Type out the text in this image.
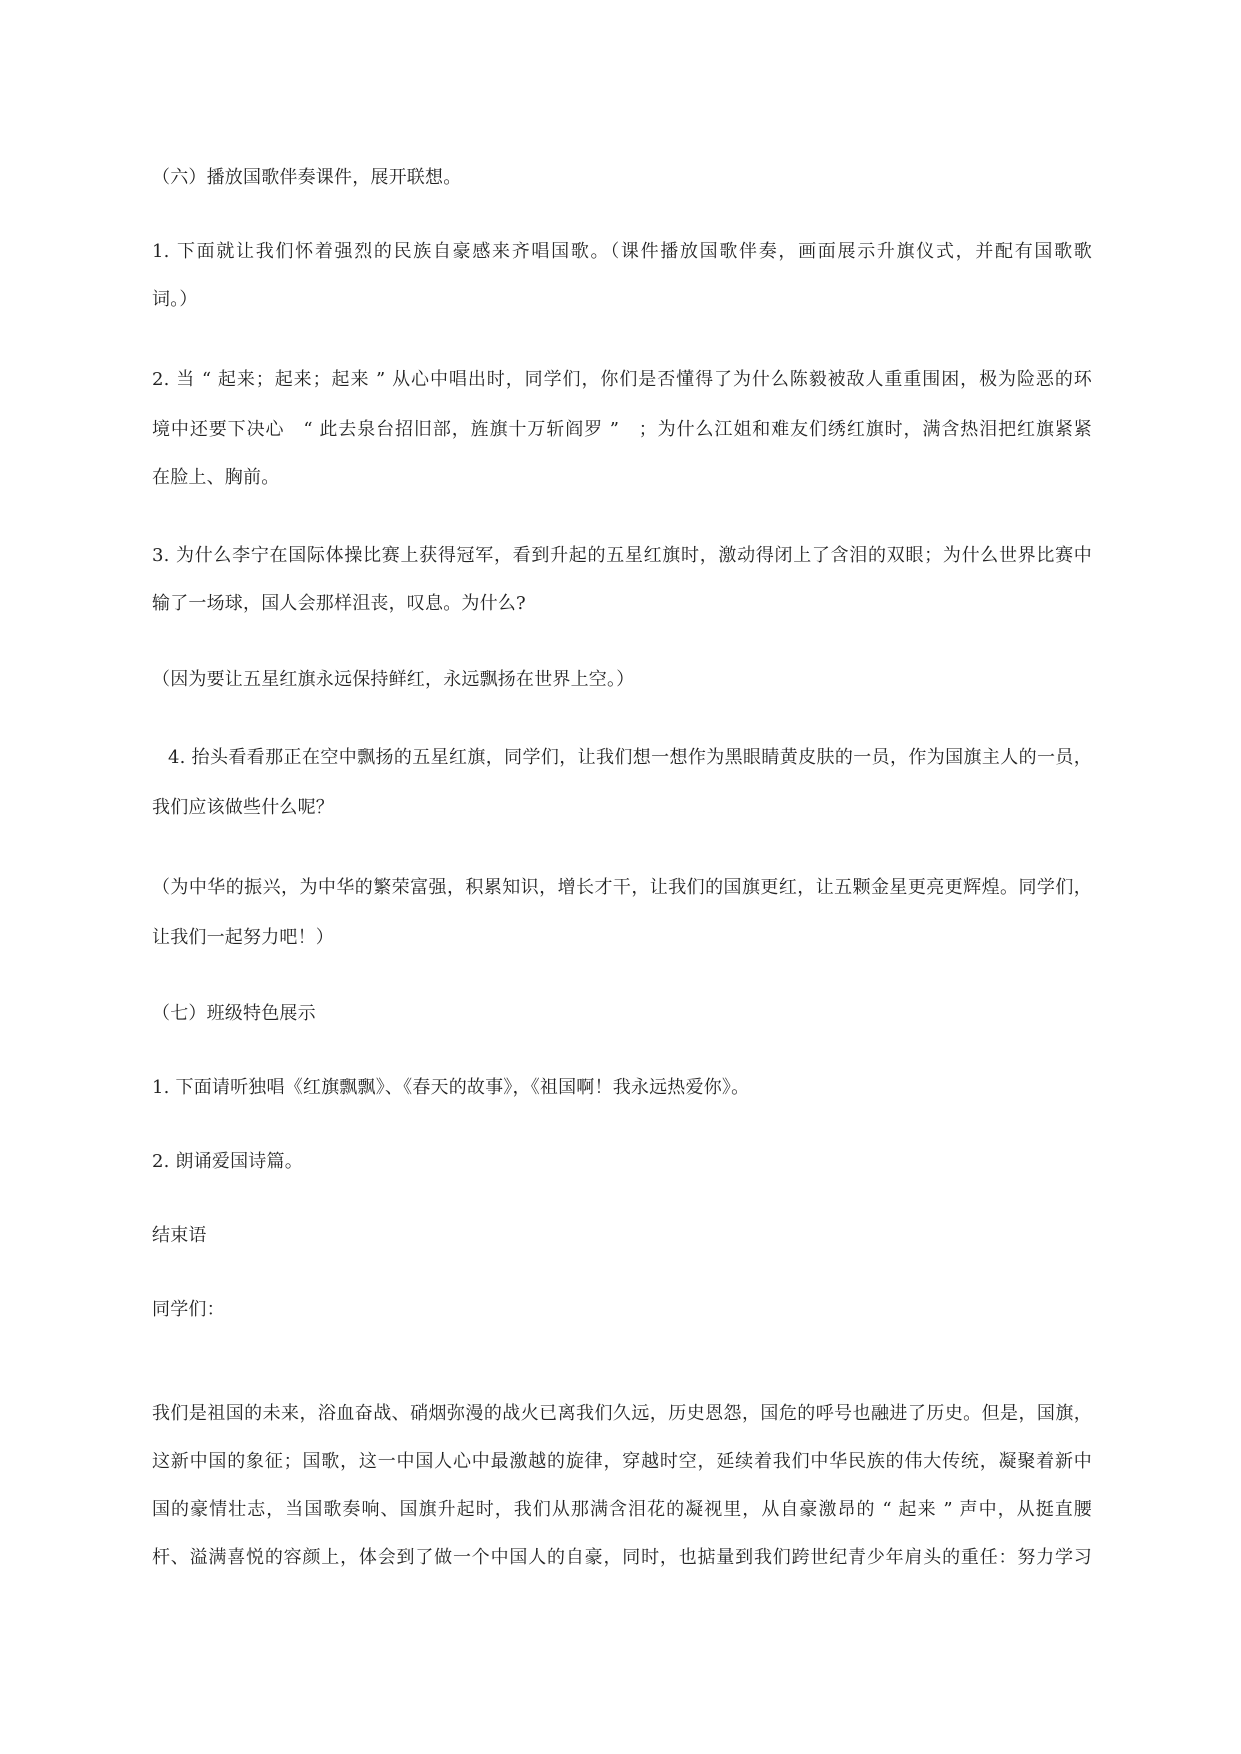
（六）播放国歌伴奏课件，展开联想。
1. 下面就让我们怀着强烈的民族自豪感来齐唱国歌。（课件播放国歌伴奏，画面展示升旗仪式，并配有国歌歌
词。）
2. 当 “ 起来；起来；起来 ” 从心中唱出时，同学们，你们是否懂得了为什么陈毅被敌人重重围困，极为险恶的环
境中还要下决心　“ 此去泉台招旧部，旌旗十万斩阎罗 ”　；为什么江姐和难友们绣红旗时，满含热泪把红旗紧紧
在脸上、胸前。
3. 为什么李宁在国际体操比赛上获得冠军，看到升起的五星红旗时，激动得闭上了含泪的双眼；为什么世界比赛中
输了一场球，国人会那样沮丧，叹息。为什么?
（因为要让五星红旗永远保持鲜红，永远飘扬在世界上空。）
4. 抬头看看那正在空中飘扬的五星红旗，同学们，让我们想一想作为黑眼睛黄皮肤的一员，作为国旗主人的一员，
我们应该做些什么呢？
（为中华的振兴，为中华的繁荣富强，积累知识，增长才干，让我们的国旗更红，让五颗金星更亮更辉煌。同学们，
让我们一起努力吧！）
（七）班级特色展示
1. 下面请听独唱《红旗飘飘》、《春天的故事》，《祖国啊！我永远热爱你》。
2. 朗诵爱国诗篇。
结束语
同学们：
我们是祖国的未来，浴血奋战、硝烟弥漫的战火已离我们久远，历史恩怨，国危的呼号也融进了历史。但是，国旗，
这新中国的象征；国歌，这一中国人心中最激越的旋律，穿越时空，延续着我们中华民族的伟大传统，凝聚着新中
国的豪情壮志，当国歌奏响、国旗升起时，我们从那满含泪花的凝视里，从自豪激昂的 “ 起来 ” 声中，从挺直腰
杆、溢满喜悦的容颜上，体会到了做一个中国人的自豪，同时，也掂量到我们跨世纪青少年肩头的重任：努力学习
